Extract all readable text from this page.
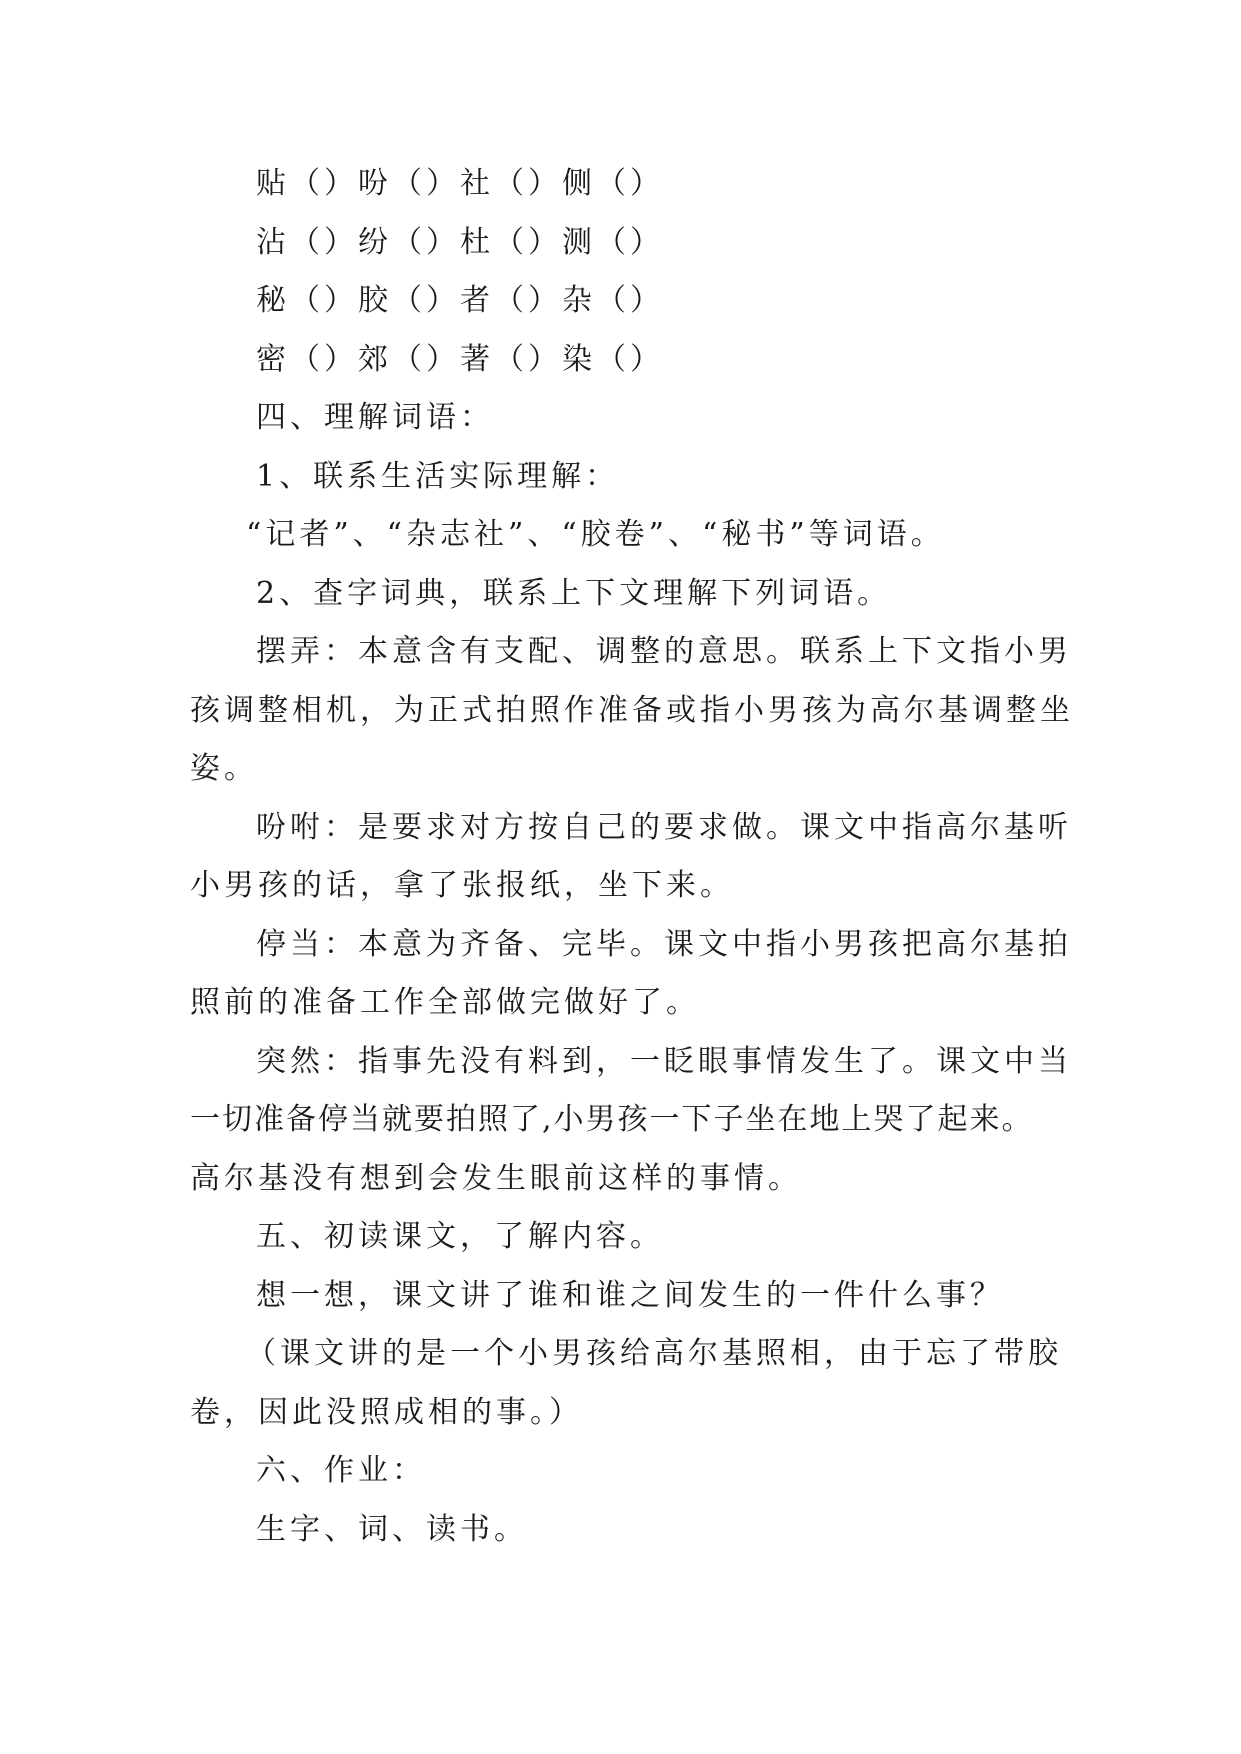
贴（）吩（）社（）侧（）

沾（）纷（）杜（）测（）

秘（）胶（）者（）杂（）

密（）郊（）著（）染（）

四、理解词语：

1、联系生活实际理解：

“记者”、“杂志社”、“胶卷”、“秘书”等词语。

2、查字词典，联系上下文理解下列词语。

摆弄：本意含有支配、调整的意思。联系上下文指小男

孩调整相机，为正式拍照作准备或指小男孩为高尔基调整坐

姿。

吩咐：是要求对方按自己的要求做。课文中指高尔基听

小男孩的话，拿了张报纸，坐下来。

停当：本意为齐备、完毕。课文中指小男孩把高尔基拍

照前的准备工作全部做完做好了。

突然：指事先没有料到，一眨眼事情发生了。课文中当

一切准备停当就要拍照了,小男孩一下子坐在地上哭了起来。

高尔基没有想到会发生眼前这样的事情。

五、初读课文，了解内容。

想一想，课文讲了谁和谁之间发生的一件什么事？

（课文讲的是一个小男孩给高尔基照相，由于忘了带胶

卷，因此没照成相的事。）

六、作业：

生字、词、读书。
